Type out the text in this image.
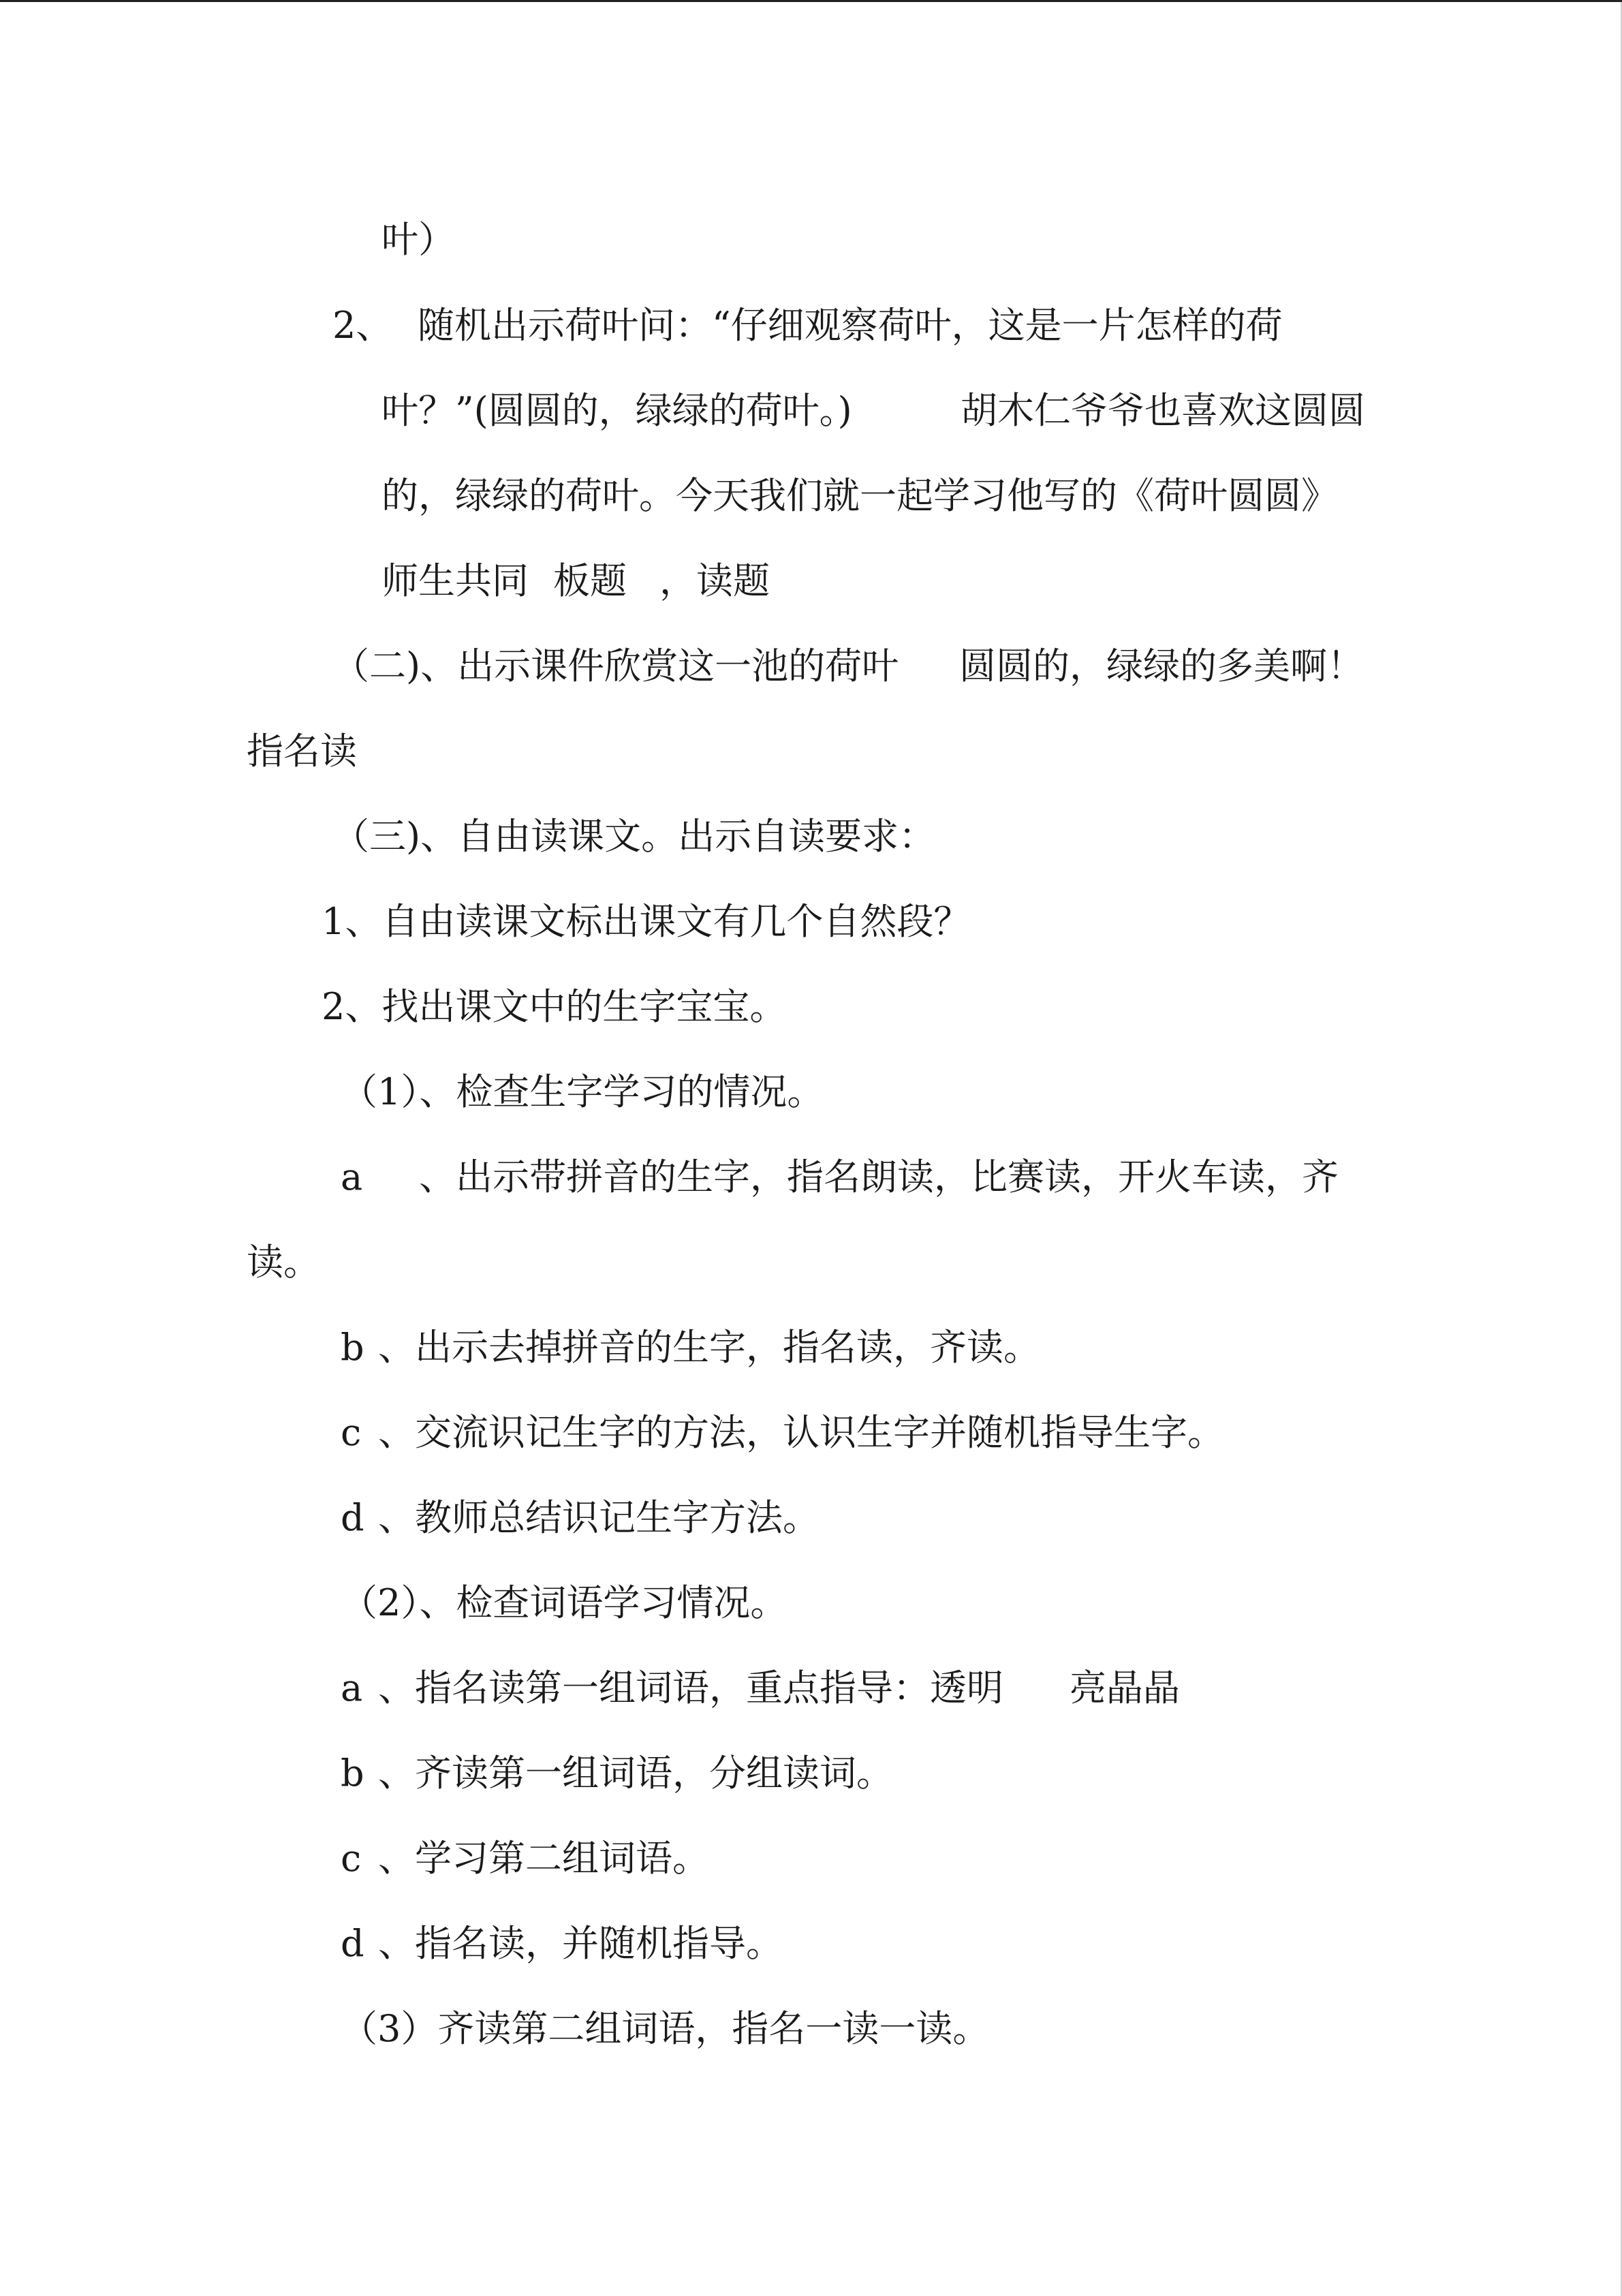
叶）

2、

随机出示荷叶问：“仔细观察荷叶，这是一片怎样的荷

叶？”(圆圆的，绿绿的荷叶。)

	胡木仁爷爷也喜欢这圆圆

的，绿绿的荷叶。今天我们就一起学习他写的《荷叶圆圆》

师生共同

板题

，读题

（二)、出示课件欣赏这一池的荷叶

圆圆的，绿绿的多美啊！

指名读

（三)、自由读课文。出示自读要求：

1、自由读课文标出课文有几个自然段？

2、找出课文中的生字宝宝。

（1）、检查生字学习的情况。

a

、出示带拼音的生字，指名朗读，比赛读，开火车读，齐

读。

b

、出示去掉拼音的生字，指名读，齐读。

c

、交流识记生字的方法，认识生字并随机指导生字。

d

、教师总结识记生字方法。

（2）、检查词语学习情况。

a

、指名读第一组词语，重点指导：透明

亮晶晶

b

、齐读第一组词语，分组读词。

c

、学习第二组词语。

d

、指名读，并随机指导。

（3）齐读第二组词语，指名一读一读。
